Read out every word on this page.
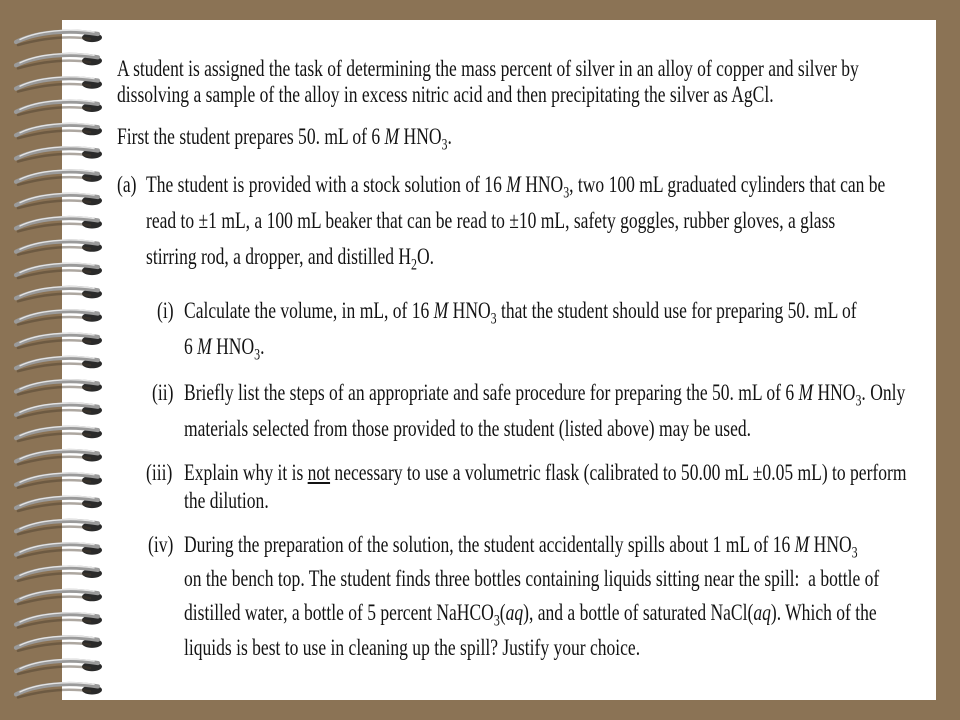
A student is assigned the task of determining the mass percent of silver in an alloy of copper and silver by
dissolving a sample of the alloy in excess nitric acid and then precipitating the silver as AgCl.
First the student prepares 50. mL of 6 M $HNO_3$.
(a) The student is provided with a stock solution of 16 M $HNO_3$, two 100 mL graduated cylinders that can be
read to ±1 mL, a 100 mL beaker that can be read to ±10 mL, safety goggles, rubber gloves, a glass
stirring rod, a dropper, and distilled $H_2O$.
(i) Calculate the volume, in mL, of 16 M $HNO_3$ that the student should use for preparing 50. mL of
6 M $HNO_3$.
(ii) Briefly list the steps of an appropriate and safe procedure for preparing the 50. mL of 6 M $HNO_3$. Only
materials selected from those provided to the student (listed above) may be used.
(iii) Explain why it is not necessary to use a volumetric flask (calibrated to 50.00 mL ±0.05 mL) to perform
the dilution.
(iv) During the preparation of the solution, the student accidentally spills about 1 mL of 16 M $HNO_3$
on the bench top. The student finds three bottles containing liquids sitting near the spill:  a bottle of
distilled water, a bottle of 5 percent NaHCO$_3$(aq), and a bottle of saturated NaCl(aq). Which of the
liquids is best to use in cleaning up the spill? Justify your choice.
